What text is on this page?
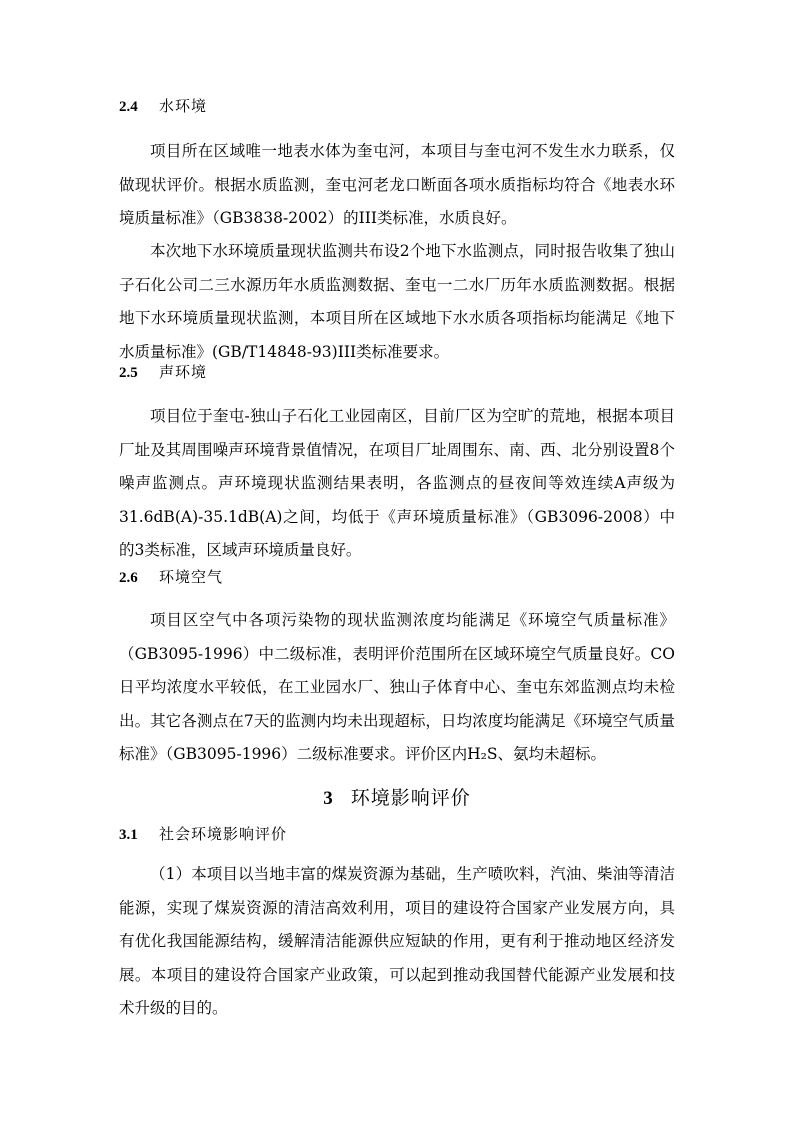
2.4 水环境

项目所在区域唯一地表水体为奎屯河，本项目与奎屯河不发生水力联系，仅做现状评价。根据水质监测，奎屯河老龙口断面各项水质指标均符合《地表水环境质量标准》（GB3838-2002）的III类标准，水质良好。

本次地下水环境质量现状监测共布设2个地下水监测点，同时报告收集了独山子石化公司二三水源历年水质监测数据、奎屯一二水厂历年水质监测数据。根据地下水环境质量现状监测，本项目所在区域地下水水质各项指标均能满足《地下水质量标准》(GB/T14848-93)III类标准要求。

2.5 声环境

项目位于奎屯-独山子石化工业园南区，目前厂区为空旷的荒地，根据本项目厂址及其周围噪声环境背景值情况，在项目厂址周围东、南、西、北分别设置8个噪声监测点。声环境现状监测结果表明，各监测点的昼夜间等效连续A声级为31.6dB(A)-35.1dB(A)之间，均低于《声环境质量标准》（GB3096-2008）中的3类标准，区域声环境质量良好。

2.6 环境空气

项目区空气中各项污染物的现状监测浓度均能满足《环境空气质量标准》（GB3095-1996）中二级标准，表明评价范围所在区域环境空气质量良好。CO日平均浓度水平较低，在工业园水厂、独山子体育中心、奎屯东郊监测点均未检出。其它各测点在7天的监测内均未出现超标，日均浓度均能满足《环境空气质量标准》（GB3095-1996）二级标准要求。评价区内H₂S、氨均未超标。

3 环境影响评价
3.1 社会环境影响评价

（1）本项目以当地丰富的煤炭资源为基础，生产喷吹料，汽油、柴油等清洁能源，实现了煤炭资源的清洁高效利用，项目的建设符合国家产业发展方向，具有优化我国能源结构，缓解清洁能源供应短缺的作用，更有利于推动地区经济发展。本项目的建设符合国家产业政策，可以起到推动我国替代能源产业发展和技术升级的目的。
